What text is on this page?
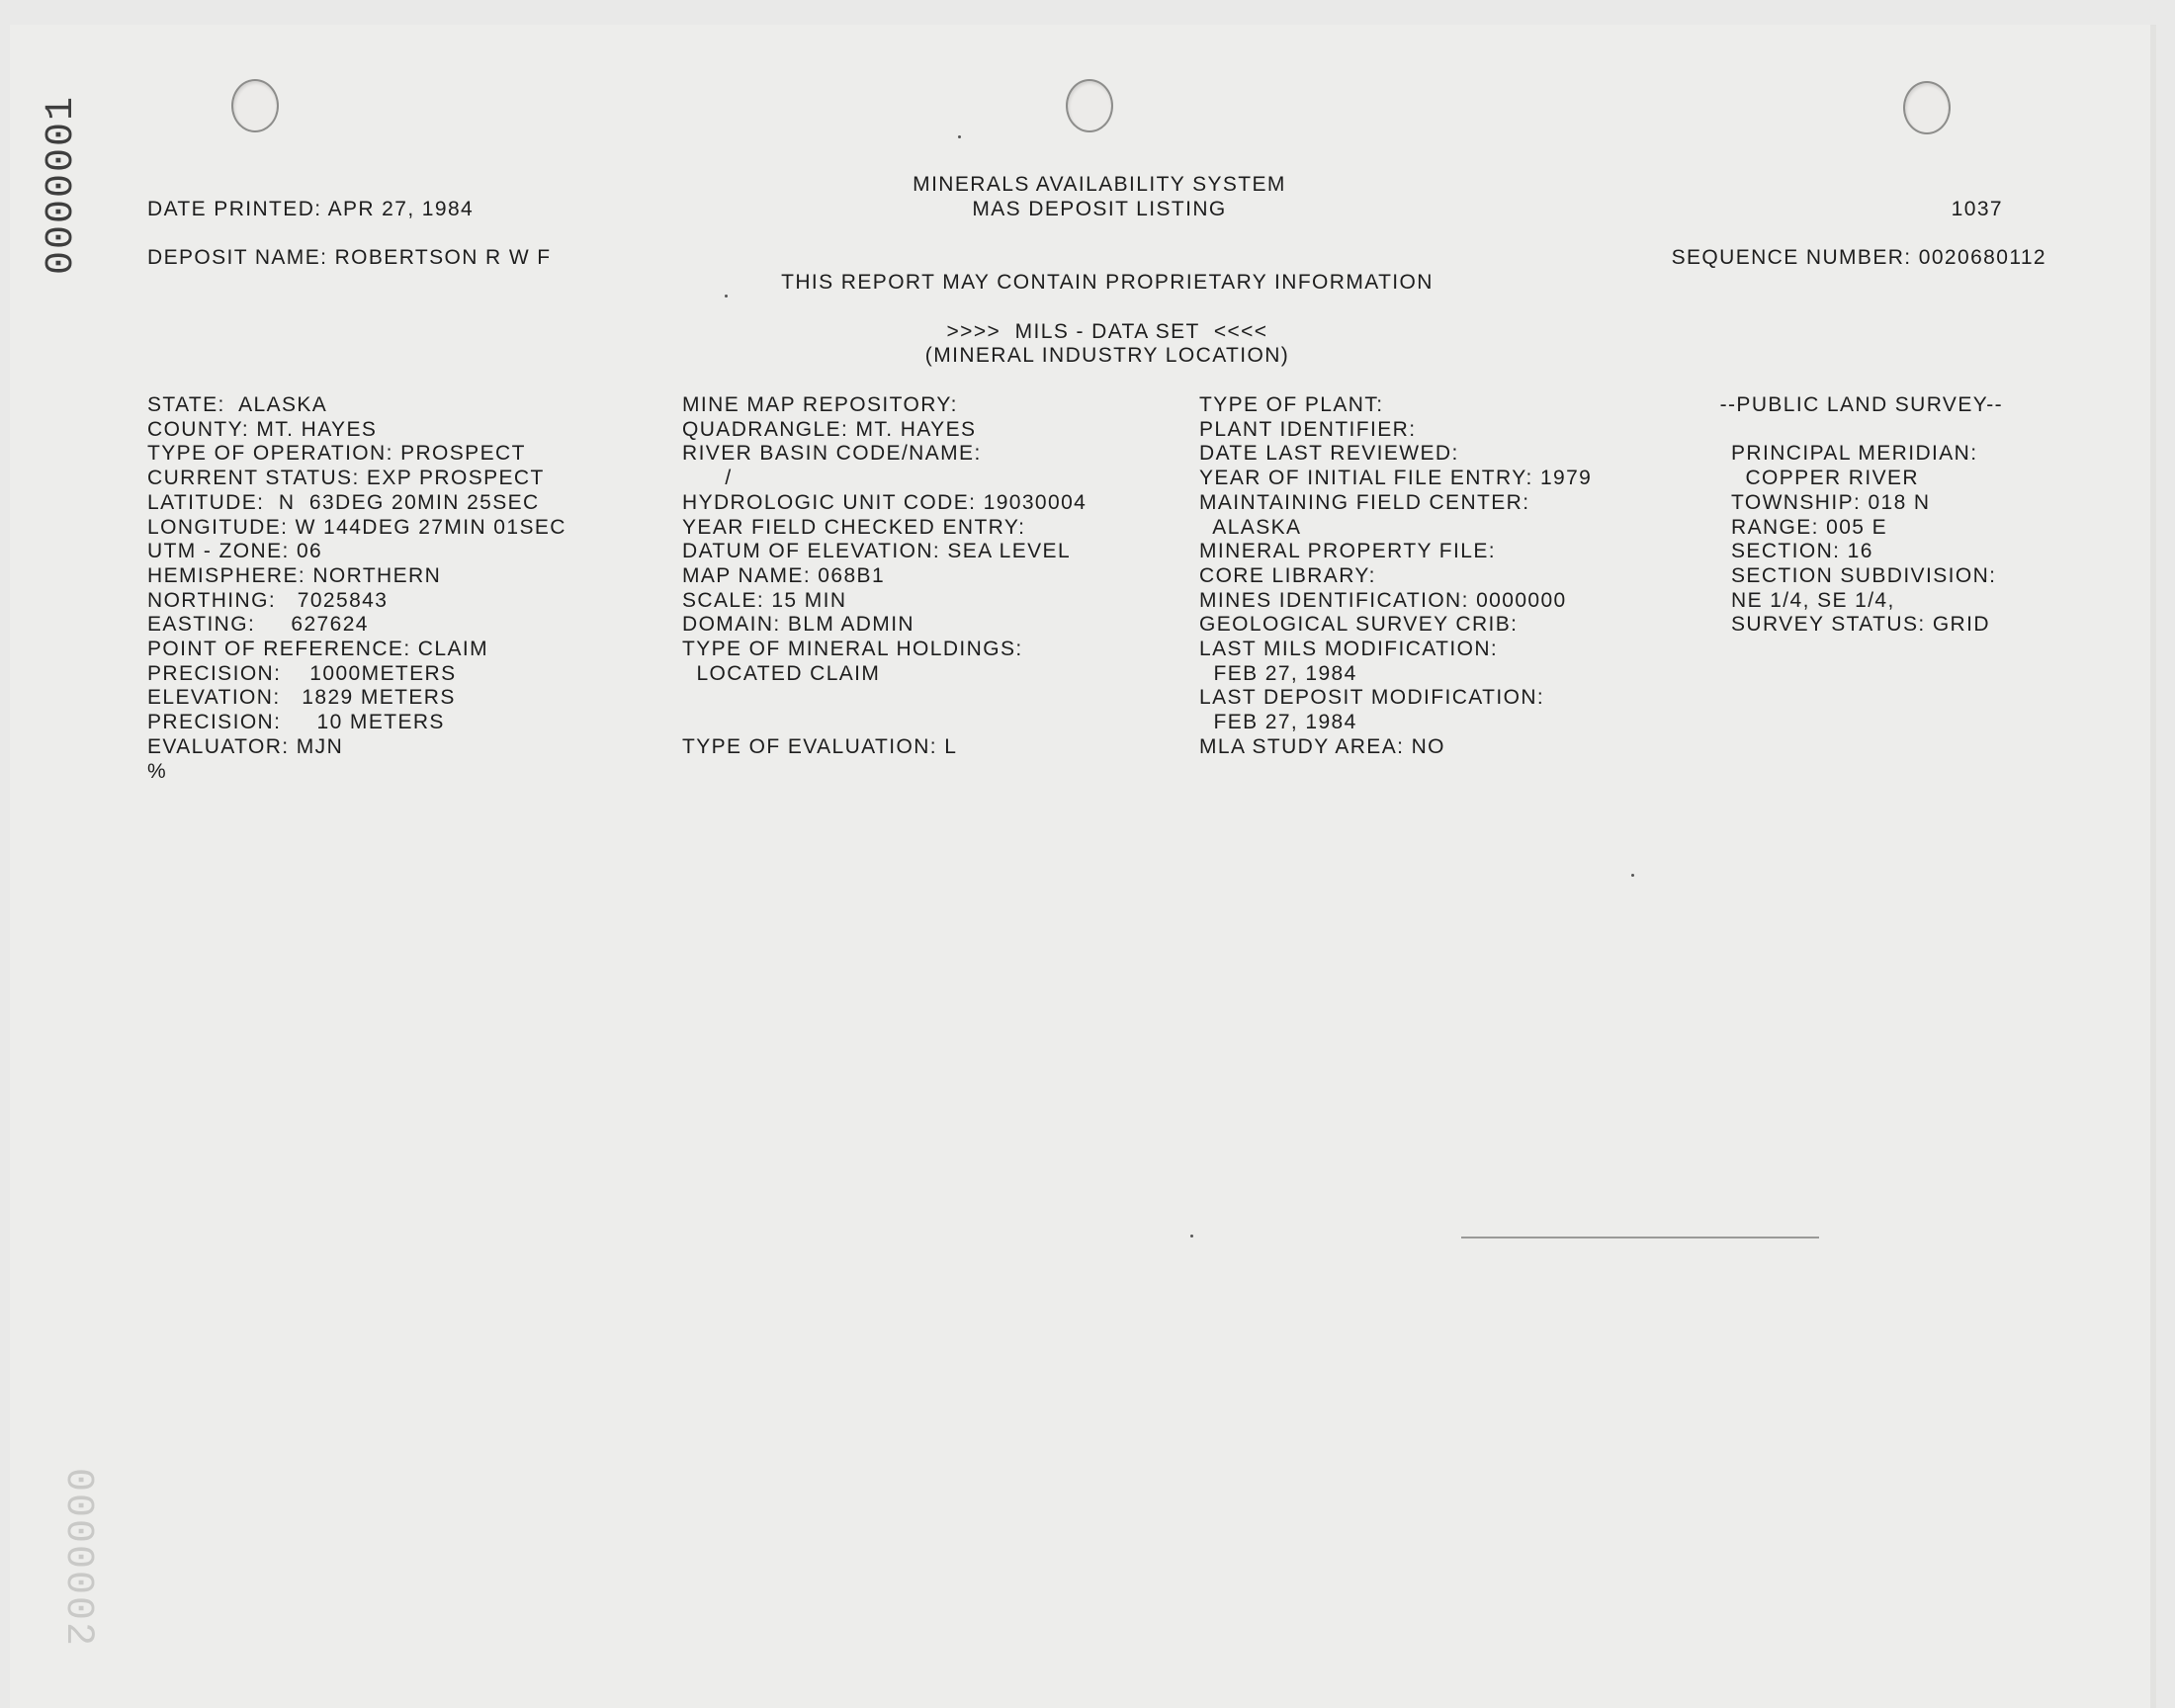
0000001
0000002
MINERALS AVAILABILITY SYSTEM
MAS DEPOSIT LISTING
DATE PRINTED: APR 27, 1984	1037
DEPOSIT NAME: ROBERTSON R W F	SEQUENCE NUMBER: 0020680112
THIS REPORT MAY CONTAIN PROPRIETARY INFORMATION
>>>>  MILS - DATA SET  <<<<
(MINERAL INDUSTRY LOCATION)
--PUBLIC LAND SURVEY--
STATE:  ALASKA
COUNTY: MT. HAYES
TYPE OF OPERATION: PROSPECT
CURRENT STATUS: EXP PROSPECT
LATITUDE:  N  63DEG 20MIN 25SEC
LONGITUDE: W 144DEG 27MIN 01SEC
UTM - ZONE: 06
HEMISPHERE: NORTHERN
NORTHING:   7025843
EASTING:     627624
POINT OF REFERENCE: CLAIM
PRECISION:    1000METERS
ELEVATION:   1829 METERS
PRECISION:     10 METERS
EVALUATOR: MJN
%
MINE MAP REPOSITORY:
QUADRANGLE: MT. HAYES
RIVER BASIN CODE/NAME:
/
HYDROLOGIC UNIT CODE: 19030004
YEAR FIELD CHECKED ENTRY:
DATUM OF ELEVATION: SEA LEVEL
MAP NAME: 068B1
SCALE: 15 MIN
DOMAIN: BLM ADMIN
TYPE OF MINERAL HOLDINGS:
LOCATED CLAIM
TYPE OF EVALUATION: L
TYPE OF PLANT:
PLANT IDENTIFIER:
DATE LAST REVIEWED:
YEAR OF INITIAL FILE ENTRY: 1979
MAINTAINING FIELD CENTER:
ALASKA
MINERAL PROPERTY FILE:
CORE LIBRARY:
MINES IDENTIFICATION: 0000000
GEOLOGICAL SURVEY CRIB:
LAST MILS MODIFICATION:
FEB 27, 1984
LAST DEPOSIT MODIFICATION:
FEB 27, 1984
MLA STUDY AREA: NO
PRINCIPAL MERIDIAN:
COPPER RIVER
TOWNSHIP: 018 N
RANGE: 005 E
SECTION: 16
SECTION SUBDIVISION:
NE 1/4, SE 1/4,
SURVEY STATUS: GRID
